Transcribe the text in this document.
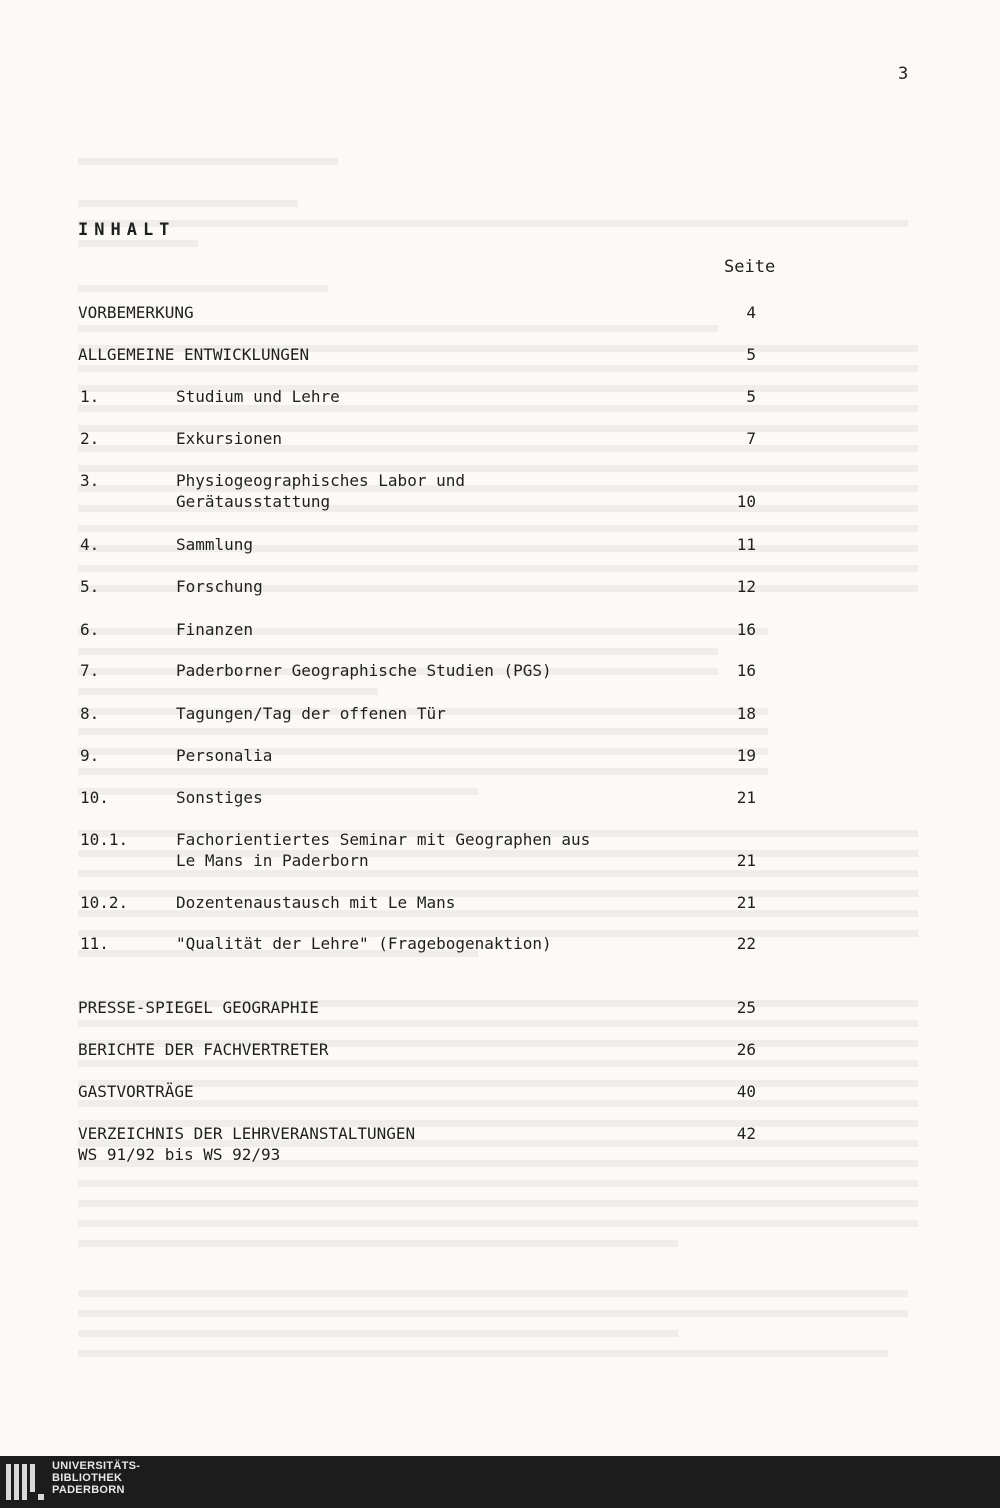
3
INHALT
Seite
VORBEMERKUNG	4
ALLGEMEINE ENTWICKLUNGEN	5
1.	Studium und Lehre	5
2.	Exkursionen	7
3.	Physiogeographisches Labor und
Gerätausstattung	10
4.	Sammlung	11
5.	Forschung	12
6.	Finanzen	16
7.	Paderborner Geographische Studien (PGS)	16
8.	Tagungen/Tag der offenen Tür	18
9.	Personalia	19
10.	Sonstiges	21
10.1.	Fachorientiertes Seminar mit Geographen aus
Le Mans in Paderborn	21
10.2.	Dozentenaustausch mit Le Mans	21
11.	"Qualität der Lehre" (Fragebogenaktion)	22
PRESSE-SPIEGEL GEOGRAPHIE	25
BERICHTE DER FACHVERTRETER	26
GASTVORTRÄGE	40
VERZEICHNIS DER LEHRVERANSTALTUNGEN	42
WS 91/92 bis WS 92/93
UNIVERSITÄTS-
BIBLIOTHEK
PADERBORN
